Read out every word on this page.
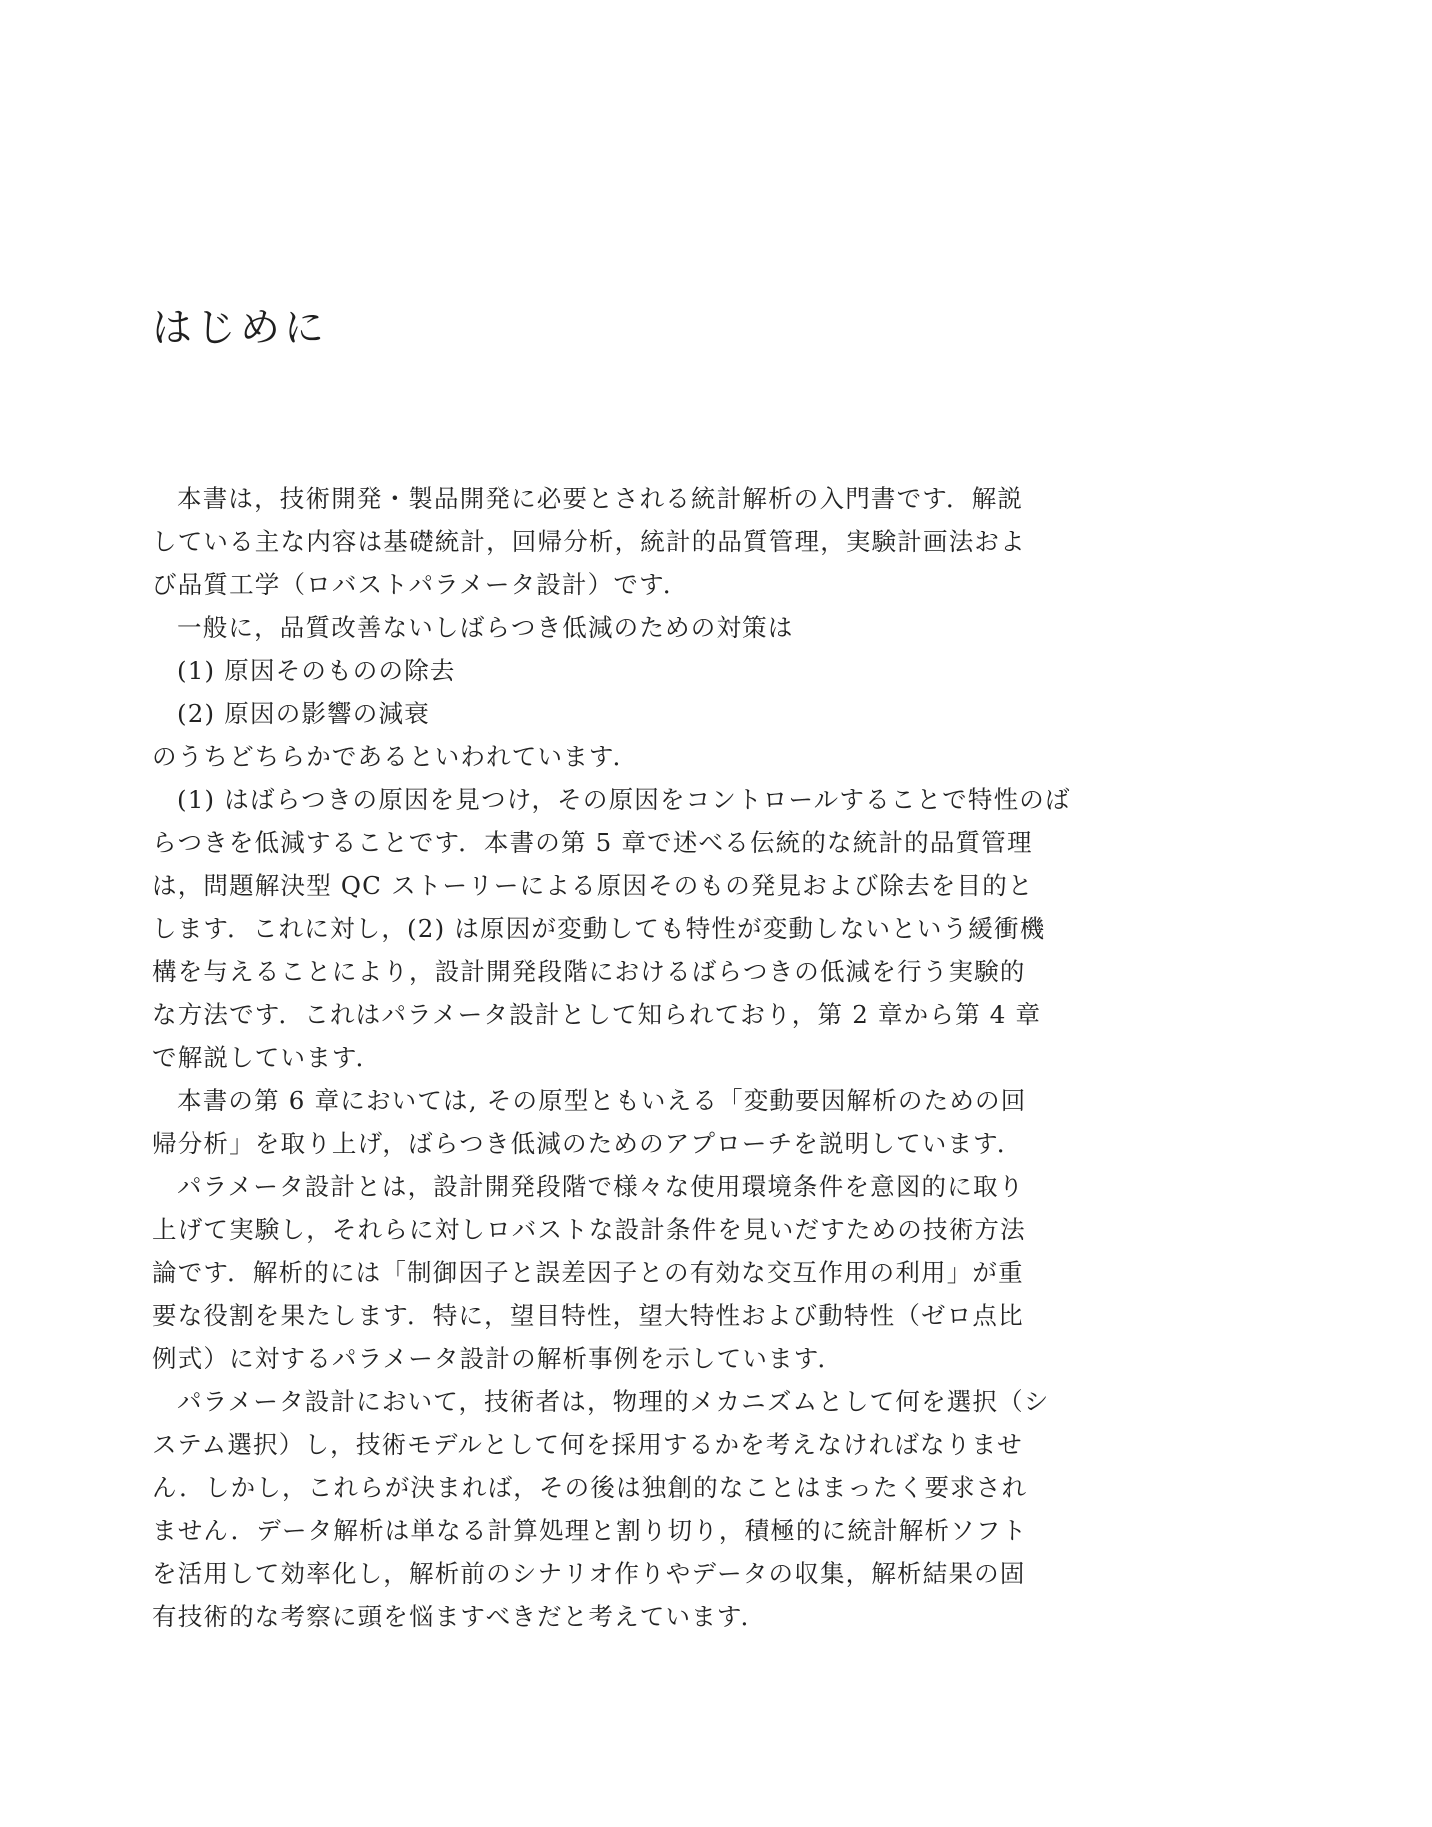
はじめに
本書は，技術開発・製品開発に必要とされる統計解析の入門書です．解説
している主な内容は基礎統計，回帰分析，統計的品質管理，実験計画法およ
び品質工学（ロバストパラメータ設計）です．
一般に，品質改善ないしばらつき低減のための対策は
(1) 原因そのものの除去
(2) 原因の影響の減衰
のうちどちらかであるといわれています．
(1) はばらつきの原因を見つけ，その原因をコントロールすることで特性のば
らつきを低減することです．本書の第 5 章で述べる伝統的な統計的品質管理
は，問題解決型 QC ストーリーによる原因そのもの発見および除去を目的と
します．これに対し，(2) は原因が変動しても特性が変動しないという緩衝機
構を与えることにより，設計開発段階におけるばらつきの低減を行う実験的
な方法です．これはパラメータ設計として知られており，第 2 章から第 4 章
で解説しています．
本書の第 6 章においては, その原型ともいえる「変動要因解析のための回
帰分析」を取り上げ，ばらつき低減のためのアプローチを説明しています．
パラメータ設計とは，設計開発段階で様々な使用環境条件を意図的に取り
上げて実験し，それらに対しロバストな設計条件を見いだすための技術方法
論です．解析的には「制御因子と誤差因子との有効な交互作用の利用」が重
要な役割を果たします．特に，望目特性，望大特性および動特性（ゼロ点比
例式）に対するパラメータ設計の解析事例を示しています．
パラメータ設計において，技術者は，物理的メカニズムとして何を選択（シ
ステム選択）し，技術モデルとして何を採用するかを考えなければなりませ
ん．しかし，これらが決まれば，その後は独創的なことはまったく要求され
ません．データ解析は単なる計算処理と割り切り，積極的に統計解析ソフト
を活用して効率化し，解析前のシナリオ作りやデータの収集，解析結果の固
有技術的な考察に頭を悩ますべきだと考えています．
